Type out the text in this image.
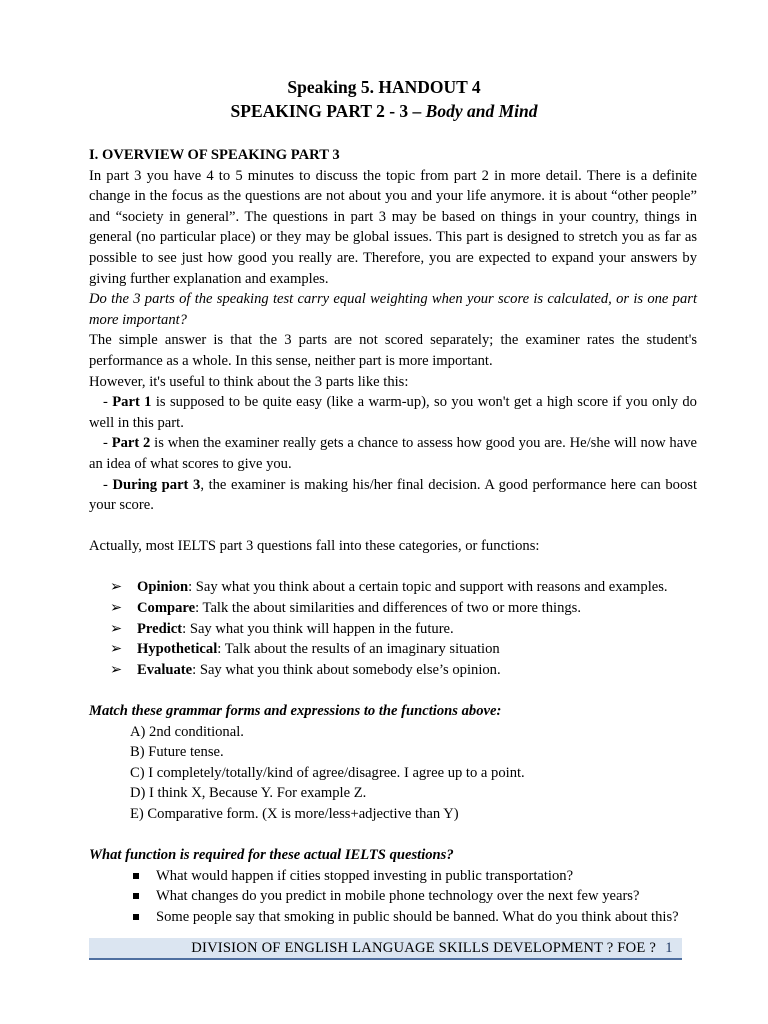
Speaking 5. HANDOUT 4
SPEAKING PART 2 - 3 – Body and Mind

I. OVERVIEW OF SPEAKING PART 3

In part 3 you have 4 to 5 minutes to discuss the topic from part 2 in more detail. There is a definite change in the focus as the questions are not about you and your life anymore. it is about “other people” and “society in general”. The questions in part 3 may be based on things in your country, things in general (no particular place) or they may be global issues. This part is designed to stretch you as far as possible to see just how good you really are. Therefore, you are expected to expand your answers by giving further explanation and examples.

Do the 3 parts of the speaking test carry equal weighting when your score is calculated, or is one part more important?

The simple answer is that the 3 parts are not scored separately; the examiner rates the student's performance as a whole. In this sense, neither part is more important.

However, it's useful to think about the 3 parts like this:

- Part 1 is supposed to be quite easy (like a warm-up), so you won't get a high score if you only do well in this part.

- Part 2 is when the examiner really gets a chance to assess how good you are. He/she will now have an idea of what scores to give you.

- During part 3, the examiner is making his/her final decision. A good performance here can boost your score.

Actually, most IELTS part 3 questions fall into these categories, or functions:

➢ Opinion: Say what you think about a certain topic and support with reasons and examples.
➢ Compare: Talk the about similarities and differences of two or more things.
➢ Predict: Say what you think will happen in the future.
➢ Hypothetical: Talk about the results of an imaginary situation
➢ Evaluate: Say what you think about somebody else’s opinion.

Match these grammar forms and expressions to the functions above:

A) 2nd conditional.
B) Future tense.
C) I completely/totally/kind of agree/disagree. I agree up to a point.
D) I think X, Because Y. For example Z.
E) Comparative form. (X is more/less+adjective than Y)

What function is required for these actual IELTS questions?

What would happen if cities stopped investing in public transportation?
What changes do you predict in mobile phone technology over the next few years?
Some people say that smoking in public should be banned. What do you think about this?
DIVISION OF ENGLISH LANGUAGE SKILLS DEVELOPMENT ? FOE ? 1
